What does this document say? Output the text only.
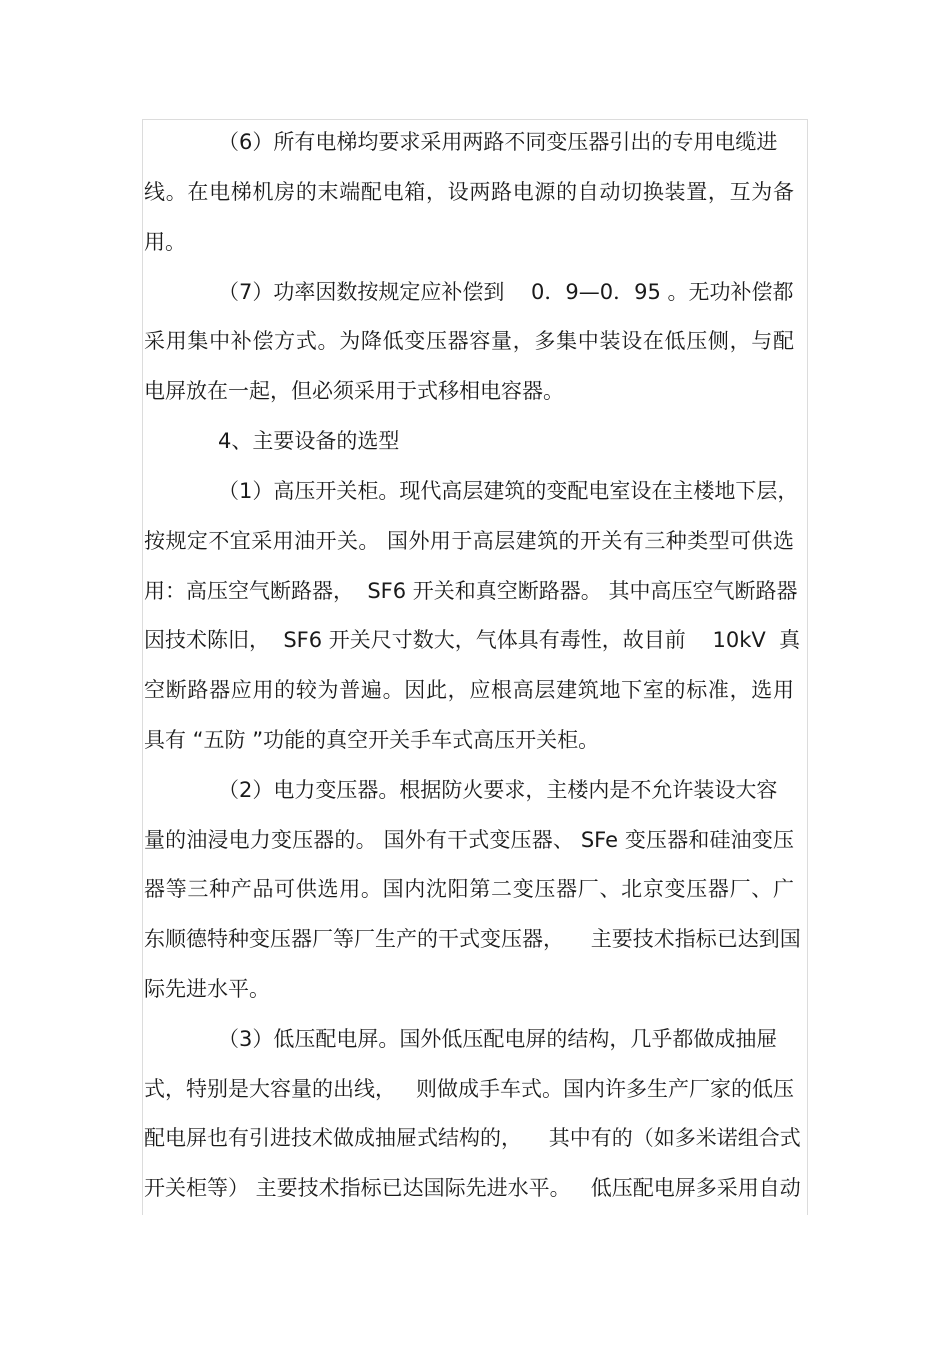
（6）所有电梯均要求采用两路不同变压器引出的专用电缆进
线。在电梯机房的末端配电箱，设两路电源的自动切换装置，互为备
用。
（7）功率因数按规定应补偿到    0．9—0．95 。无功补偿都
采用集中补偿方式。为降低变压器容量，多集中装设在低压侧，与配
电屏放在一起，但必须采用于式移相电容器。
4、主要设备的选型
（1）高压开关柜。现代高层建筑的变配电室设在主楼地下层，
按规定不宜采用油开关。 国外用于高层建筑的开关有三种类型可供选
用：高压空气断路器，  SF6 开关和真空断路器。 其中高压空气断路器
因技术陈旧，  SF6 开关尺寸数大，气体具有毒性，故目前    10kV  真
空断路器应用的较为普遍。因此，应根高层建筑地下室的标准，选用
具有 “五防 ”功能的真空开关手车式高压开关柜。
（2）电力变压器。根据防火要求，主楼内是不允许装设大容
量的油浸电力变压器的。 国外有干式变压器、 SFe 变压器和硅油变压
器等三种产品可供选用。国内沈阳第二变压器厂、北京变压器厂、广
东顺德特种变压器厂等厂生产的干式变压器，    主要技术指标已达到国
际先进水平。
（3）低压配电屏。国外低压配电屏的结构，几乎都做成抽屉
式，特别是大容量的出线，   则做成手车式。国内许多生产厂家的低压
配电屏也有引进技术做成抽屉式结构的，    其中有的（如多米诺组合式
开关柜等） 主要技术指标已达国际先进水平。   低压配电屏多采用自动
